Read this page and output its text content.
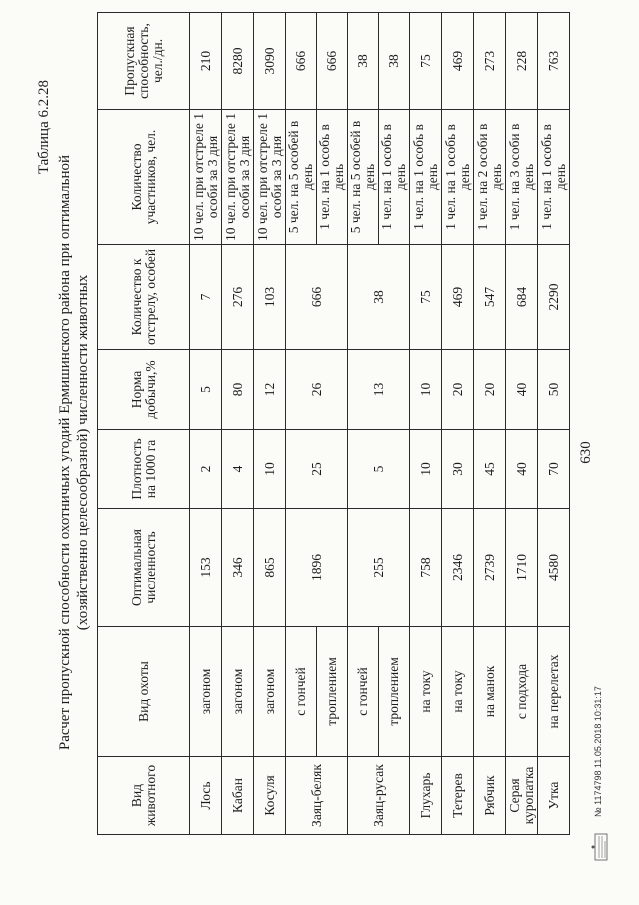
630
Таблица 6.2.28
Расчет пропускной способности охотничьих угодий Ермишинского района при оптимальной (хозяйственно целесообразной) численности животных
Вид животного	Вид охоты	Оптимальная численность	Плотность на 1000 га	Норма добычи,%	Количество к отстрелу, особей	Количество участников, чел.	Пропускная способность, чел./дн.
Лось	загоном	153	2	5	7	10 чел. при отстреле 1 особи за 3 дня	210
Кабан	загоном	346	4	80	276	10 чел. при отстреле 1 особи за 3 дня	8280
Косуля	загоном	865	10	12	103	10 чел. при отстреле 1 особи за 3 дня	3090
Заяц-беляк	с гончей	1896	25	26	666	5 чел. на 5 особей в день	666
	троплением					1 чел. на 1 особь в день	666
Заяц-русак	с гончей	255	5	13	38	5 чел. на 5 особей в день	38
	троплением					1 чел. на 1 особь в день	38
Глухарь	на току	758	10	10	75	1 чел. на 1 особь в день	75
Тетерев	на току	2346	30	20	469	1 чел. на 1 особь в день	469
Рябчик	на манок	2739	45	20	547	1 чел. на 2 особи в день	273
Серая куропатка	с подхода	1710	40	40	684	1 чел. на 3 особи в день	228
Утка	на перелетах	4580	70	50	2290	1 чел. на 1 особь в день	763
№ 1174798 11.05.2018 10:31:17
